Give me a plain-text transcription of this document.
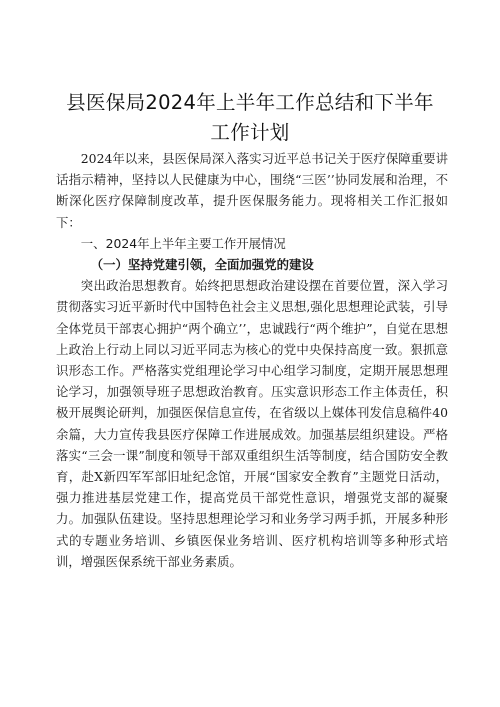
县医保局2024年上半年工作总结和下半年工作计划

2024年以来，县医保局深入落实习近平总书记关于医疗保障重要讲话指示精神，坚持以人民健康为中心，围绕“三医’’协同发展和治理，不断深化医疗保障制度改革，提升医保服务能力。现将相关工作汇报如下：

一、2024年上半年主要工作开展情况
（一）坚持党建引领，全面加强党的建设

突出政治思想教育。始终把思想政治建设摆在首要位置，深入学习贯彻落实习近平新时代中国特色社会主义思想,强化思想理论武装，引导全体党员干部衷心拥护“两个确立’’，忠诚践行“两个维护”，自觉在思想上政治上行动上同以习近平同志为核心的党中央保持高度一致。狠抓意识形态工作。严格落实党组理论学习中心组学习制度，定期开展思想理论学习，加强领导班子思想政治教育。压实意识形态工作主体责任，积极开展舆论研判，加强医保信息宣传，在省级以上媒体刊发信息稿件40余篇，大力宣传我县医疗保障工作进展成效。加强基层组织建设。严格落实“三会一课”制度和领导干部双重组织生活等制度，结合国防安全教育，赴X新四军军部旧址纪念馆，开展“国家安全教育”主题党日活动，强力推进基层党建工作，提高党员干部党性意识，增强党支部的凝聚力。加强队伍建设。坚持思想理论学习和业务学习两手抓，开展多种形式的专题业务培训、乡镇医保业务培训、医疗机构培训等多种形式培训，增强医保系统干部业务素质。
